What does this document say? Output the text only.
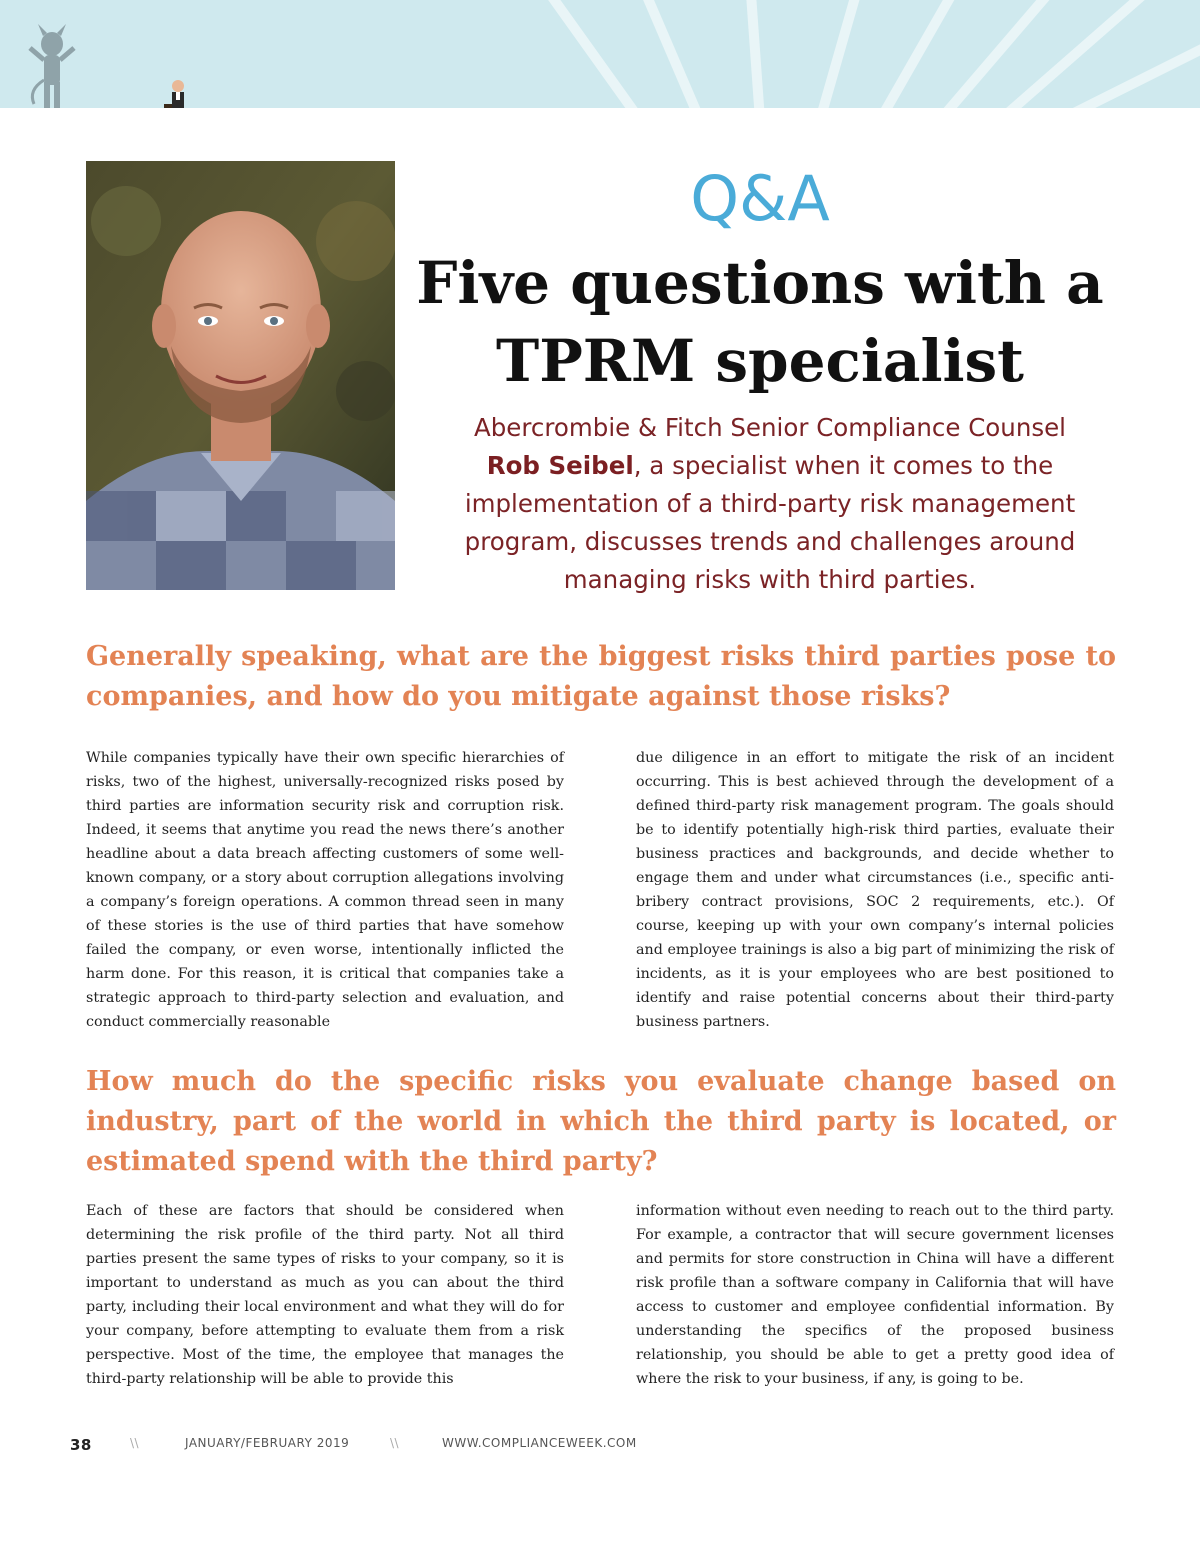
Q&A
Five questions with a
TPRM specialist
Abercrombie & Fitch Senior Compliance Counsel
Rob Seibel, a specialist when it comes to the implementation of a third-party risk management program, discusses trends and challenges around managing risks with third parties.
Generally speaking, what are the biggest risks third parties pose to companies, and how do you mitigate against those risks?

While companies typically have their own specific hierarchies of risks, two of the highest, universally-recognized risks posed by third parties are information security risk and corruption risk. Indeed, it seems that anytime you read the news there’s another headline about a data breach affecting customers of some well-known company, or a story about corruption allegations involving a company’s foreign operations. A common thread seen in many of these stories is the use of third parties that have somehow failed the company, or even worse, intentionally inflicted the harm done. For this reason, it is critical that companies take a strategic approach to third-party selection and evaluation, and conduct commercially reasonable

due diligence in an effort to mitigate the risk of an incident occurring. This is best achieved through the development of a defined third-party risk management program. The goals should be to identify potentially high-risk third parties, evaluate their business practices and backgrounds, and decide whether to engage them and under what circumstances (i.e., specific anti-bribery contract provisions, SOC 2 requirements, etc.). Of course, keeping up with your own company’s internal policies and employee trainings is also a big part of minimizing the risk of incidents, as it is your employees who are best positioned to identify and raise potential concerns about their third-party business partners.

How much do the specific risks you evaluate change based on industry, part of the world in which the third party is located, or estimated spend with the third party?

Each of these are factors that should be considered when determining the risk profile of the third party. Not all third parties present the same types of risks to your company, so it is important to understand as much as you can about the third party, including their local environment and what they will do for your company, before attempting to evaluate them from a risk perspective. Most of the time, the employee that manages the third-party relationship will be able to provide this

information without even needing to reach out to the third party. For example, a contractor that will secure government licenses and permits for store construction in China will have a different risk profile than a software company in California that will have access to customer and employee confidential information. By understanding the specifics of the proposed business relationship, you should be able to get a pretty good idea of where the risk to your business, if any, is going to be.

38	\\	JANUARY/FEBRUARY 2019	\\	WWW.COMPLIANCEWEEK.COM
